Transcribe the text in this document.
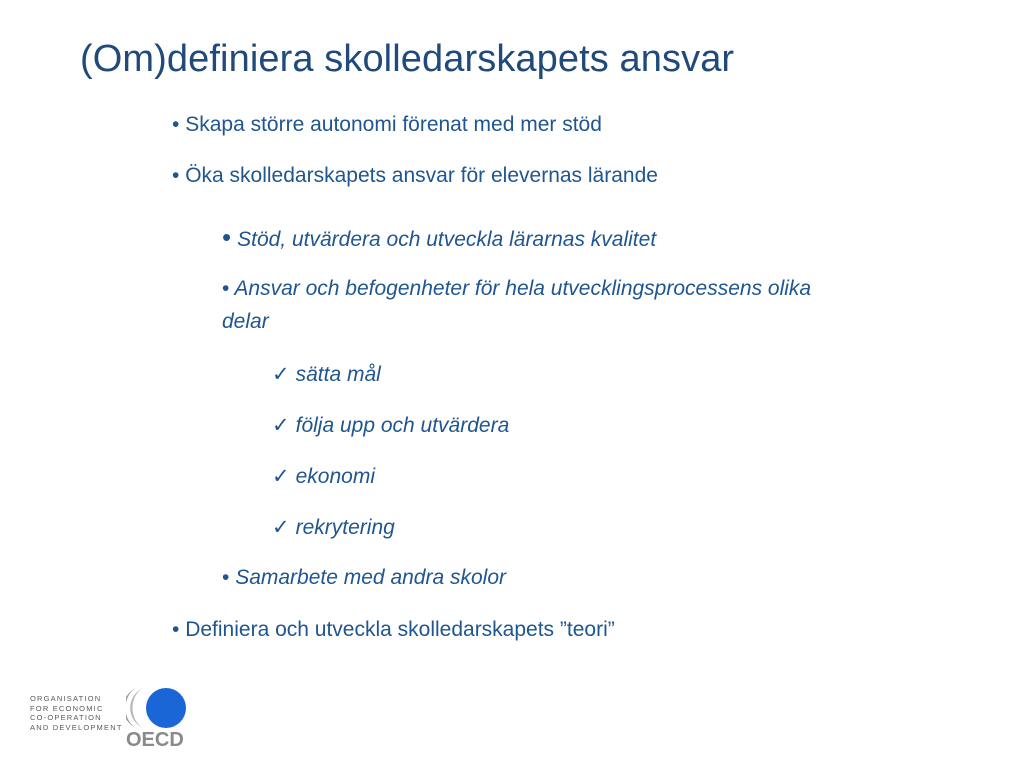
(Om)definiera skolledarskapets ansvar
• Skapa större autonomi förenat med mer stöd
• Öka skolledarskapets ansvar för elevernas lärande
• Stöd, utvärdera och utveckla lärarnas kvalitet
• Ansvar och befogenheter för hela utvecklingsprocessens olika
delar
✓ sätta mål
✓ följa upp och utvärdera
✓ ekonomi
✓ rekrytering
• Samarbete med andra skolor
• Definiera och utveckla skolledarskapets ”teori”
ORGANISATION
FOR ECONOMIC
CO-OPERATION
AND DEVELOPMENT
OECD
